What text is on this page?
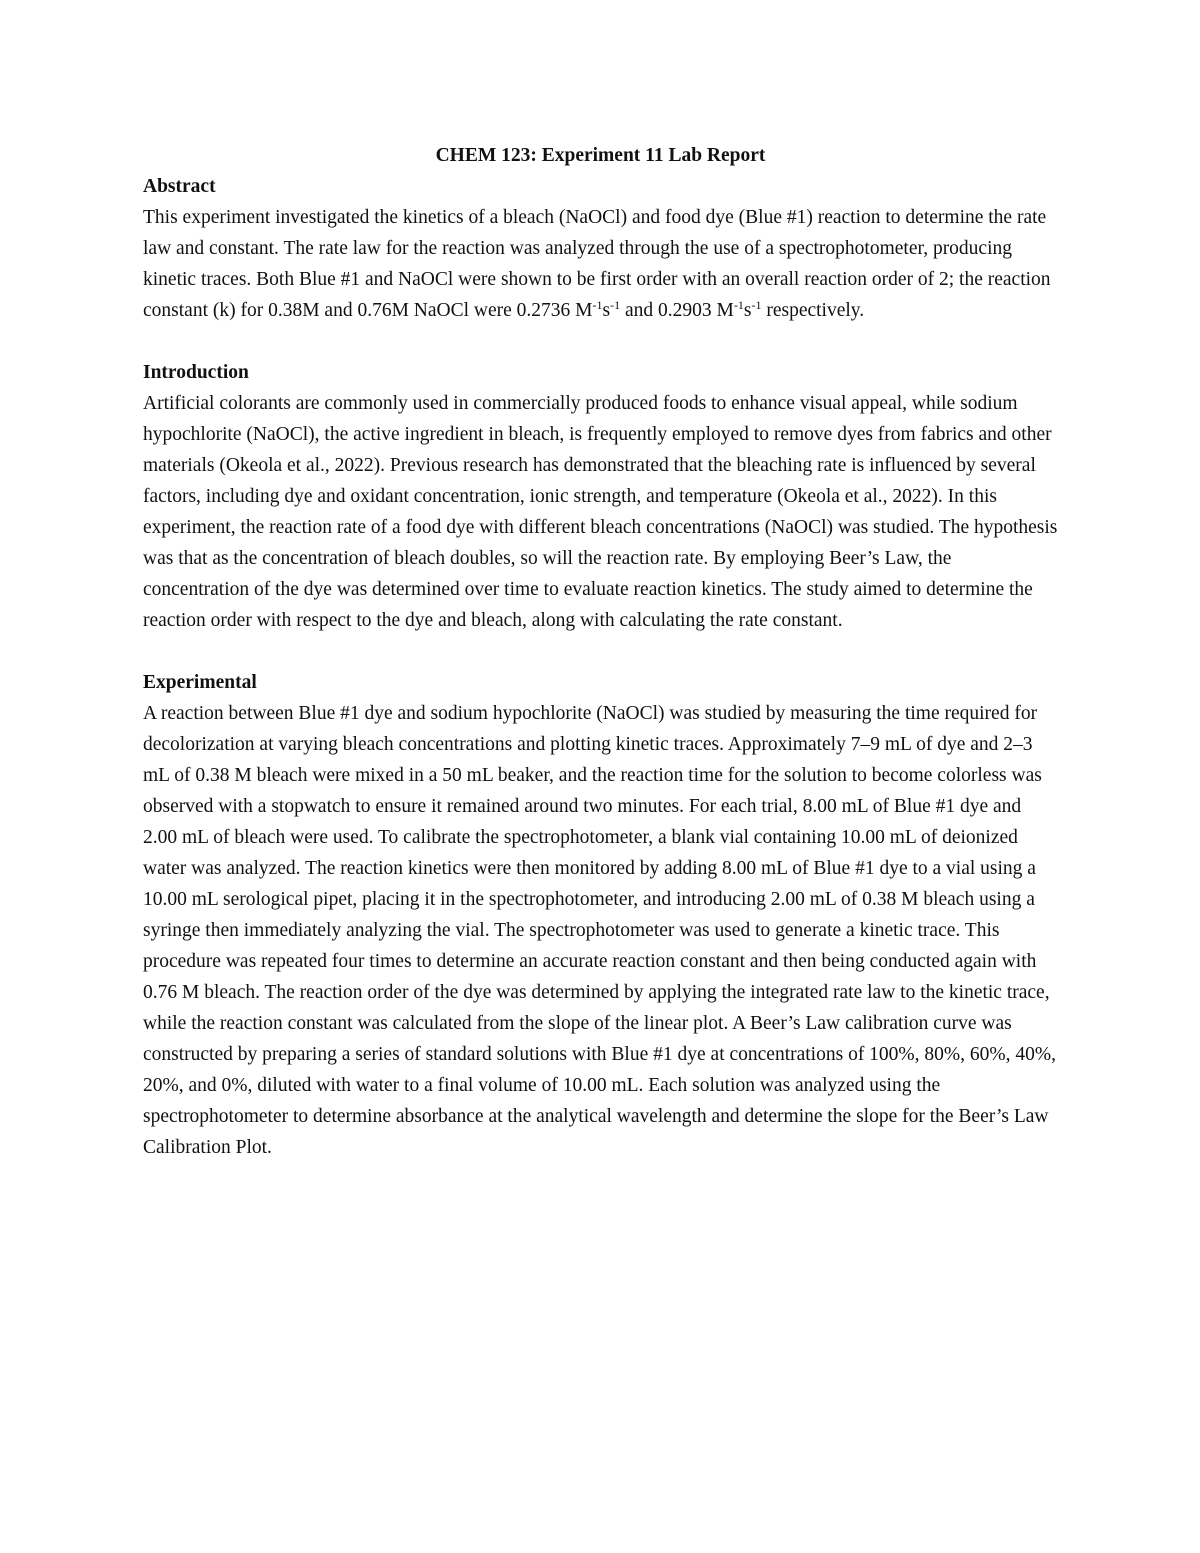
CHEM 123: Experiment 11 Lab Report

Abstract

This experiment investigated the kinetics of a bleach (NaOCl) and food dye (Blue #1) reaction to determine the rate law and constant. The rate law for the reaction was analyzed through the use of a spectrophotometer, producing kinetic traces. Both Blue #1 and NaOCl were shown to be first order with an overall reaction order of 2; the reaction constant (k) for 0.38M and 0.76M NaOCl were 0.2736 $M^{-1}s^{-1}$ and 0.2903 $M^{-1}s^{-1}$ respectively.

Introduction

Artificial colorants are commonly used in commercially produced foods to enhance visual appeal, while sodium hypochlorite (NaOCl), the active ingredient in bleach, is frequently employed to remove dyes from fabrics and other materials (Okeola et al., 2022). Previous research has demonstrated that the bleaching rate is influenced by several factors, including dye and oxidant concentration, ionic strength, and temperature (Okeola et al., 2022). In this experiment, the reaction rate of a food dye with different bleach concentrations (NaOCl) was studied. The hypothesis was that as the concentration of bleach doubles, so will the reaction rate. By employing Beer’s Law, the concentration of the dye was determined over time to evaluate reaction kinetics. The study aimed to determine the reaction order with respect to the dye and bleach, along with calculating the rate constant.

Experimental

A reaction between Blue #1 dye and sodium hypochlorite (NaOCl) was studied by measuring the time required for decolorization at varying bleach concentrations and plotting kinetic traces. Approximately 7–9 mL of dye and 2–3 mL of 0.38 M bleach were mixed in a 50 mL beaker, and the reaction time for the solution to become colorless was observed with a stopwatch to ensure it remained around two minutes. For each trial, 8.00 mL of Blue #1 dye and 2.00 mL of bleach were used. To calibrate the spectrophotometer, a blank vial containing 10.00 mL of deionized water was analyzed. The reaction kinetics were then monitored by adding 8.00 mL of Blue #1 dye to a vial using a 10.00 mL serological pipet, placing it in the spectrophotometer, and introducing 2.00 mL of 0.38 M bleach using a syringe then immediately analyzing the vial. The spectrophotometer was used to generate a kinetic trace. This procedure was repeated four times to determine an accurate reaction constant and then being conducted again with 0.76 M bleach. The reaction order of the dye was determined by applying the integrated rate law to the kinetic trace, while the reaction constant was calculated from the slope of the linear plot. A Beer’s Law calibration curve was constructed by preparing a series of standard solutions with Blue #1 dye at concentrations of 100%, 80%, 60%, 40%, 20%, and 0%, diluted with water to a final volume of 10.00 mL. Each solution was analyzed using the spectrophotometer to determine absorbance at the analytical wavelength and determine the slope for the Beer’s Law Calibration Plot.
